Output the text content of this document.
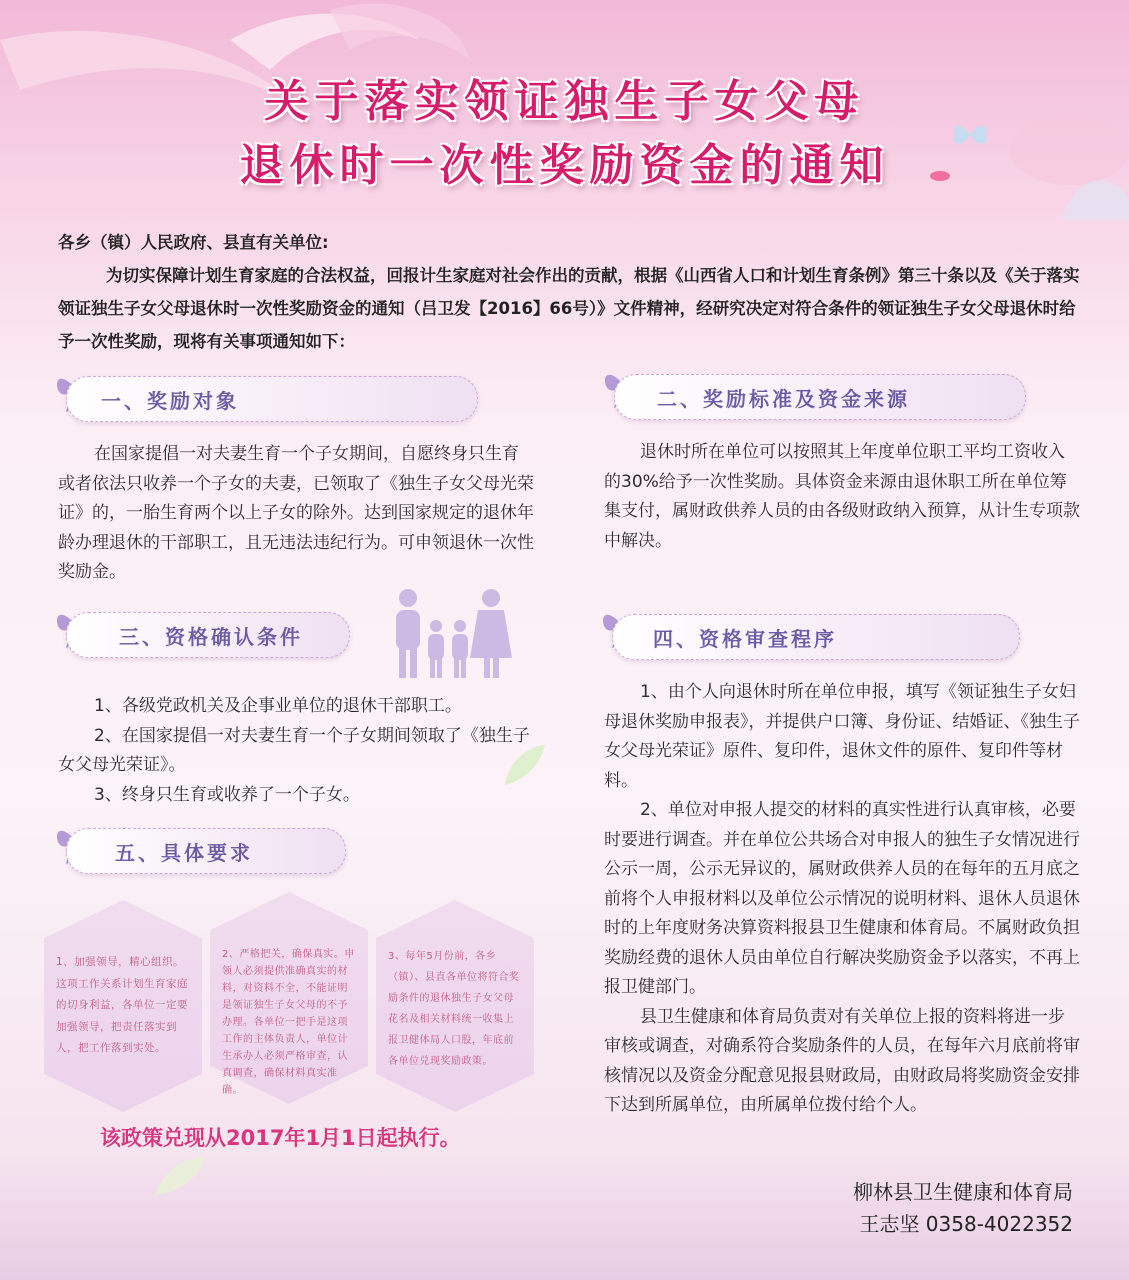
关于落实领证独生子女父母
退休时一次性奖励资金的通知

各乡（镇）人民政府、县直有关单位:

为切实保障计划生育家庭的合法权益，回报计生家庭对社会作出的贡献，根据《山西省人口和计划生育条例》第三十条以及《关于落实领证独生子女父母退休时一次性奖励资金的通知（吕卫发【2016】66号）》文件精神，经研究决定对符合条件的领证独生子女父母退休时给予一次性奖励，现将有关事项通知如下：

一、奖励对象

在国家提倡一对夫妻生育一个子女期间，自愿终身只生育或者依法只收养一个子女的夫妻，已领取了《独生子女父母光荣证》的，一胎生育两个以上子女的除外。达到国家规定的退休年龄办理退休的干部职工，且无违法违纪行为。可申领退休一次性奖励金。

二、奖励标准及资金来源

退休时所在单位可以按照其上年度单位职工平均工资收入的30%给予一次性奖励。具体资金来源由退休职工所在单位筹集支付，属财政供养人员的由各级财政纳入预算，从计生专项款中解决。

三、资格确认条件

1、各级党政机关及企事业单位的退休干部职工。

2、在国家提倡一对夫妻生育一个子女期间领取了《独生子女父母光荣证》。

3、终身只生育或收养了一个子女。

四、资格审查程序

1、由个人向退休时所在单位申报，填写《领证独生子女妇母退休奖励申报表》，并提供户口簿、身份证、结婚证、《独生子女父母光荣证》原件、复印件，退休文件的原件、复印件等材料。

2、单位对申报人提交的材料的真实性进行认真审核，必要时要进行调查。并在单位公共场合对申报人的独生子女情况进行公示一周，公示无异议的，属财政供养人员的在每年的五月底之前将个人申报材料以及单位公示情况的说明材料、退休人员退休时的上年度财务决算资料报县卫生健康和体育局。不属财政负担奖励经费的退休人员由单位自行解决奖励资金予以落实，不再上报卫健部门。

县卫生健康和体育局负责对有关单位上报的资料将进一步审核或调查，对确系符合奖励条件的人员，在每年六月底前将审核情况以及资金分配意见报县财政局，由财政局将奖励资金安排下达到所属单位，由所属单位拨付给个人。

五、具体要求
1、加强领导，精心组织。这项工作关系计划生育家庭的切身利益，各单位一定要加强领导，把责任落实到人，把工作落到实处。
2、严格把关，确保真实。申领人必须提供准确真实的材料，对资料不全，不能证明是领证独生子女父母的不予办理。各单位一把手是这项工作的主体负责人，单位计生承办人必须严格审查，认真调查，确保材料真实准确。
3、每年5月份前，各乡（镇）、县直各单位将符合奖励条件的退休独生子女父母花名及相关材料统一收集上报卫健体局人口股，年底前各单位兑现奖励政策。
该政策兑现从2017年1月1日起执行。
柳林县卫生健康和体育局
王志坚 0358-4022352
